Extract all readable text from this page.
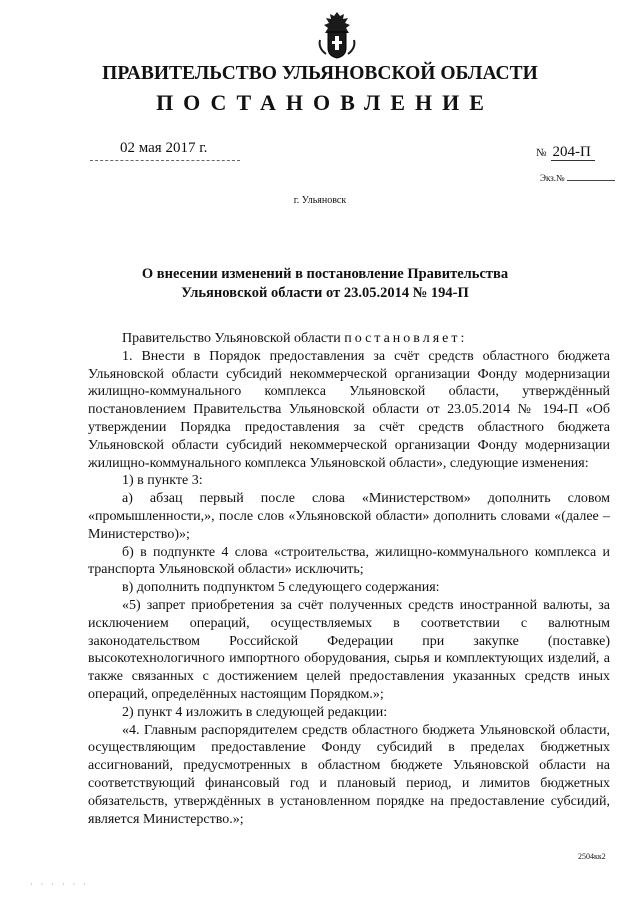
ПРАВИТЕЛЬСТВО УЛЬЯНОВСКОЙ ОБЛАСТИ
ПОСТАНОВЛЕНИЕ
02 мая 2017 г.	№ 204-П
Экз.№
г. Ульяновск
О внесении изменений в постановление Правительства
Ульяновской области от 23.05.2014 № 194-П

Правительство Ульяновской области постановляет:

1. Внести в Порядок предоставления за счёт средств областного бюджета Ульяновской области субсидий некоммерческой организации Фонду модернизации жилищно-коммунального комплекса Ульяновской области, утверждённый постановлением Правительства Ульяновской области от 23.05.2014 № 194-П «Об утверждении Порядка предоставления за счёт средств областного бюджета Ульяновской области субсидий некоммерческой организации Фонду модернизации жилищно-коммунального комплекса Ульяновской области», следующие изменения:

1) в пункте 3:

а) абзац первый после слова «Министерством» дополнить словом «промышленности,», после слов «Ульяновской области» дополнить словами «(далее – Министерство)»;

б) в подпункте 4 слова «строительства, жилищно-коммунального комплекса и транспорта Ульяновской области» исключить;

в) дополнить подпунктом 5 следующего содержания:

«5) запрет приобретения за счёт полученных средств иностранной валюты, за исключением операций, осуществляемых в соответствии с валютным законодательством Российской Федерации при закупке (поставке) высокотехнологичного импортного оборудования, сырья и комплектующих изделий, а также связанных с достижением целей предоставления указанных средств иных операций, определённых настоящим Порядком.»;

2) пункт 4 изложить в следующей редакции:

«4. Главным распорядителем средств областного бюджета Ульяновской области, осуществляющим предоставление Фонду субсидий в пределах бюджетных ассигнований, предусмотренных в областном бюджете Ульяновской области на соответствующий финансовый год и плановый период, и лимитов бюджетных обязательств, утверждённых в установленном порядке на предоставление субсидий, является Министерство.»;

2504кк2
· · · · · ·
